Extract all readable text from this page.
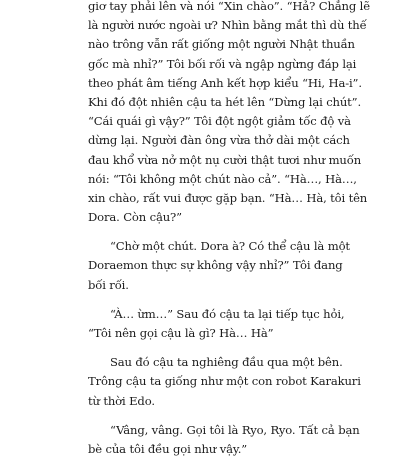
giơ tay phải lên và nói “Xin chào”. “Hả? Chẳng lẽ
là người nước ngoài ư? Nhìn bằng mắt thì dù thế
nào trông vẫn rất giống một người Nhật thuần
gốc mà nhỉ?” Tôi bối rối và ngập ngừng đáp lại
theo phát âm tiếng Anh kết hợp kiểu “Hi, Ha-i”.
Khi đó đột nhiên cậu ta hét lên “Dừng lại chút”.
“Cái quái gì vậy?” Tôi đột ngột giảm tốc độ và
dừng lại. Người đàn ông vừa thở dài một cách
đau khổ vừa nở một nụ cười thật tươi như muốn
nói: “Tôi không một chút nào cả”. “Hà…, Hà…,
xin chào, rất vui được gặp bạn. “Hà… Hà, tôi tên
Dora. Còn cậu?”

“Chờ một chút. Dora à? Có thể cậu là một
Doraemon thực sự không vậy nhỉ?” Tôi đang
bối rối.

“À… ừm…” Sau đó cậu ta lại tiếp tục hỏi,
“Tôi nên gọi cậu là gì? Hà… Hà”

Sau đó cậu ta nghiêng đầu qua một bên.
Trông cậu ta giống như một con robot Karakuri
từ thời Edo.

“Vâng, vâng. Gọi tôi là Ryo, Ryo. Tất cả bạn
bè của tôi đều gọi như vậy.”
